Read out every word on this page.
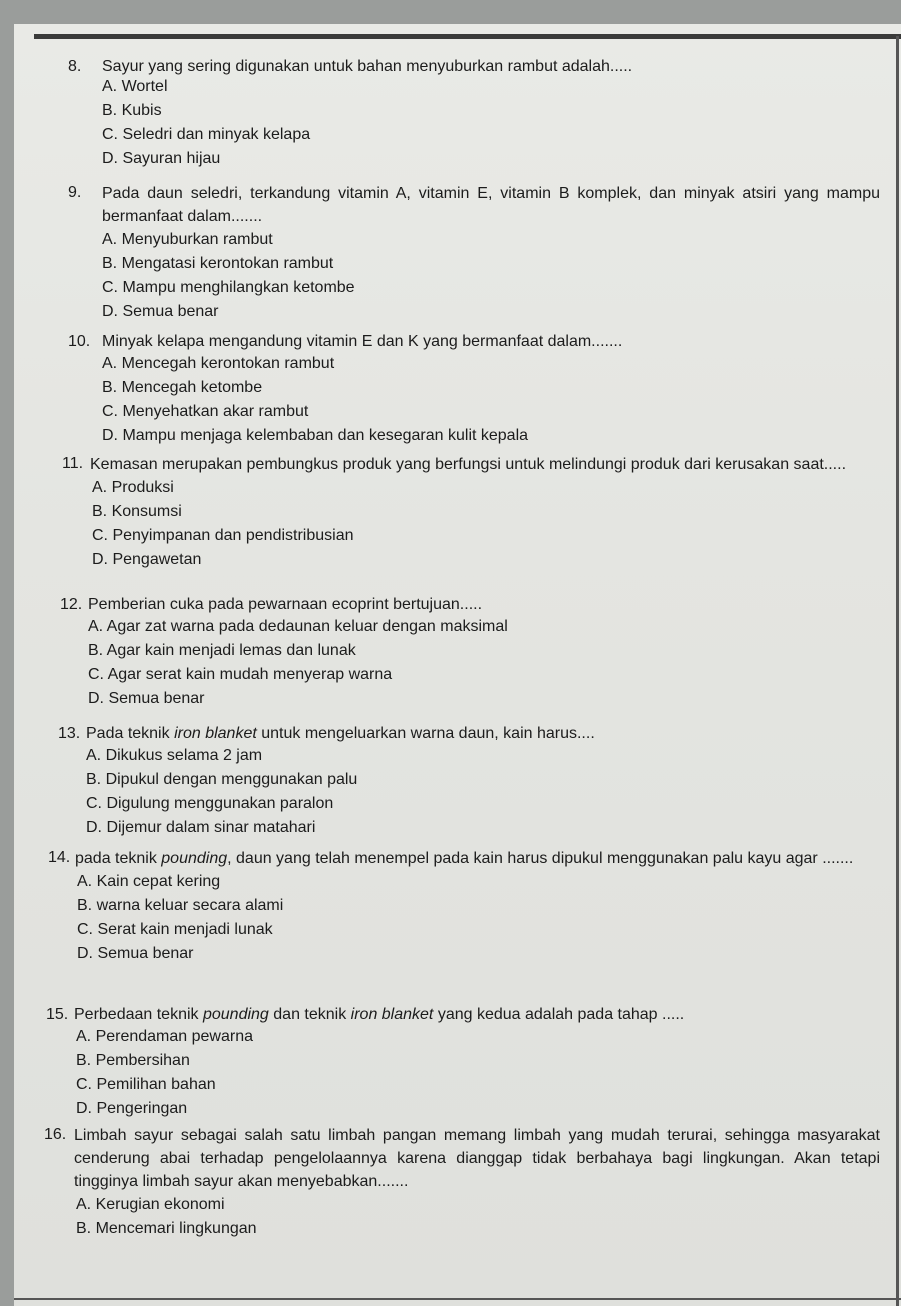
8. Sayur yang sering digunakan untuk bahan menyuburkan rambut adalah.....
A. Wortel
B. Kubis
C. Seledri dan minyak kelapa
D. Sayuran hijau
9. Pada daun seledri, terkandung vitamin A, vitamin E, vitamin B komplek, dan minyak atsiri yang mampu bermanfaat dalam.......
A. Menyuburkan rambut
B. Mengatasi kerontokan rambut
C. Mampu menghilangkan ketombe
D. Semua benar
10. Minyak kelapa mengandung vitamin E dan K yang bermanfaat dalam.......
A. Mencegah kerontokan rambut
B. Mencegah ketombe
C. Menyehatkan akar rambut
D. Mampu menjaga kelembaban dan kesegaran kulit kepala
11. Kemasan merupakan pembungkus produk yang berfungsi untuk melindungi produk dari kerusakan saat.....
A. Produksi
B. Konsumsi
C. Penyimpanan dan pendistribusian
D. Pengawetan
12. Pemberian cuka pada pewarnaan ecoprint bertujuan.....
A. Agar zat warna pada dedaunan keluar dengan maksimal
B. Agar kain menjadi lemas dan lunak
C. Agar serat kain mudah menyerap warna
D. Semua benar
13. Pada teknik iron blanket untuk mengeluarkan warna daun, kain harus....
A. Dikukus selama 2 jam
B. Dipukul dengan menggunakan palu
C. Digulung menggunakan paralon
D. Dijemur dalam sinar matahari
14. pada teknik pounding, daun yang telah menempel pada kain harus dipukul menggunakan palu kayu agar .......
A. Kain cepat kering
B. warna keluar secara alami
C. Serat kain menjadi lunak
D. Semua benar
15. Perbedaan teknik pounding dan teknik iron blanket yang kedua adalah pada tahap .....
A. Perendaman pewarna
B. Pembersihan
C. Pemilihan bahan
D. Pengeringan
16. Limbah sayur sebagai salah satu limbah pangan memang limbah yang mudah terurai, sehingga masyarakat cenderung abai terhadap pengelolaannya karena dianggap tidak berbahaya bagi lingkungan. Akan tetapi tingginya limbah sayur akan menyebabkan.......
A. Kerugian ekonomi
B. Mencemari lingkungan
